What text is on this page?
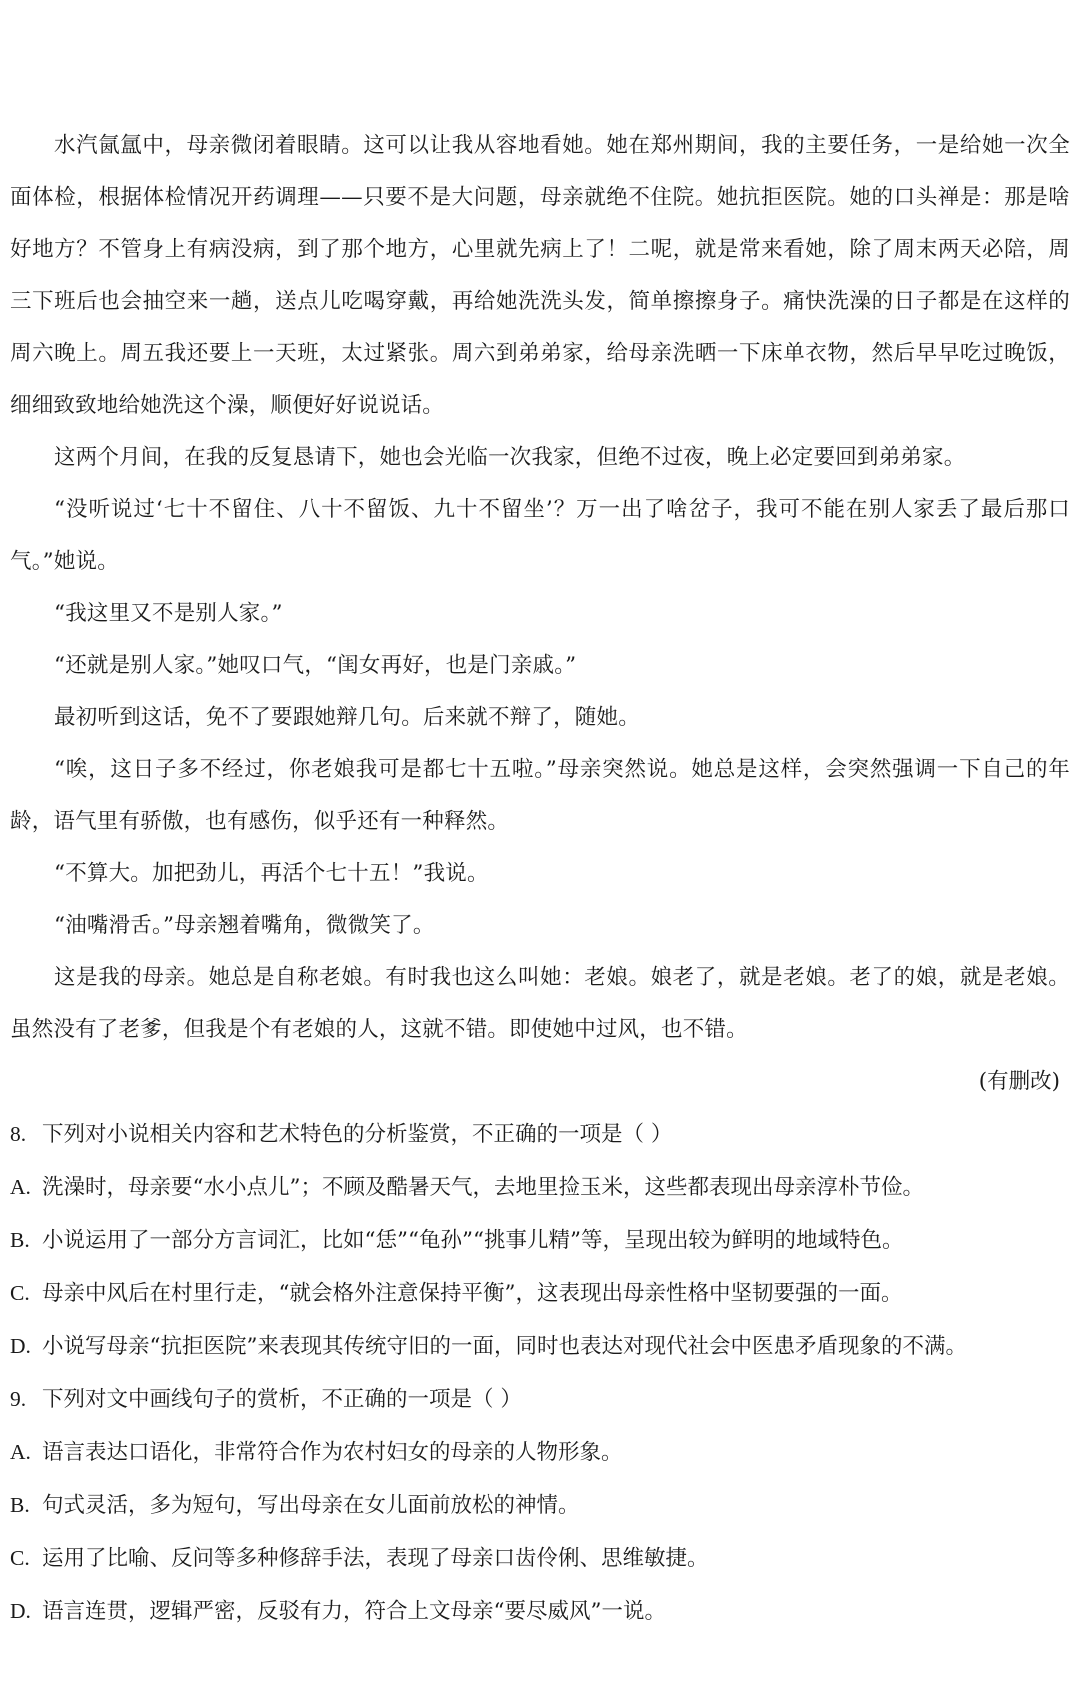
水汽氤氲中，母亲微闭着眼睛。这可以让我从容地看她。她在郑州期间，我的主要任务，一是给她一次全面体检，根据体检情况开药调理——只要不是大问题，母亲就绝不住院。她抗拒医院。她的口头禅是：那是啥好地方？不管身上有病没病，到了那个地方，心里就先病上了！二呢，就是常来看她，除了周末两天必陪，周三下班后也会抽空来一趟，送点儿吃喝穿戴，再给她洗洗头发，简单擦擦身子。痛快洗澡的日子都是在这样的周六晚上。周五我还要上一天班，太过紧张。周六到弟弟家，给母亲洗晒一下床单衣物，然后早早吃过晚饭，细细致致地给她洗这个澡，顺便好好说说话。

这两个月间，在我的反复恳请下，她也会光临一次我家，但绝不过夜，晚上必定要回到弟弟家。

“没听说过‘七十不留住、八十不留饭、九十不留坐’？万一出了啥岔子，我可不能在别人家丢了最后那口气。”她说。

“我这里又不是别人家。”

“还就是别人家。”她叹口气，“闺女再好，也是门亲戚。”

最初听到这话，免不了要跟她辩几句。后来就不辩了，随她。

“唉，这日子多不经过，你老娘我可是都七十五啦。”母亲突然说。她总是这样，会突然强调一下自己的年龄，语气里有骄傲，也有感伤，似乎还有一种释然。

“不算大。加把劲儿，再活个七十五！”我说。

“油嘴滑舌。”母亲翘着嘴角，微微笑了。

这是我的母亲。她总是自称老娘。有时我也这么叫她：老娘。娘老了，就是老娘。老了的娘，就是老娘。虽然没有了老爹，但我是个有老娘的人，这就不错。即使她中过风，也不错。

(有删改)

8. 下列对小说相关内容和艺术特色的分析鉴赏，不正确的一项是（ ）

A. 洗澡时，母亲要“水小点儿”；不顾及酷暑天气，去地里捡玉米，这些都表现出母亲淳朴节俭。

B. 小说运用了一部分方言词汇，比如“恁”“龟孙”“挑事儿精”等，呈现出较为鲜明的地域特色。

C. 母亲中风后在村里行走，“就会格外注意保持平衡”，这表现出母亲性格中坚韧要强的一面。

D. 小说写母亲“抗拒医院”来表现其传统守旧的一面，同时也表达对现代社会中医患矛盾现象的不满。

9. 下列对文中画线句子的赏析，不正确的一项是（ ）

A. 语言表达口语化，非常符合作为农村妇女的母亲的人物形象。

B. 句式灵活，多为短句，写出母亲在女儿面前放松的神情。

C. 运用了比喻、反问等多种修辞手法，表现了母亲口齿伶俐、思维敏捷。

D. 语言连贯，逻辑严密，反驳有力，符合上文母亲“要尽威风”一说。
